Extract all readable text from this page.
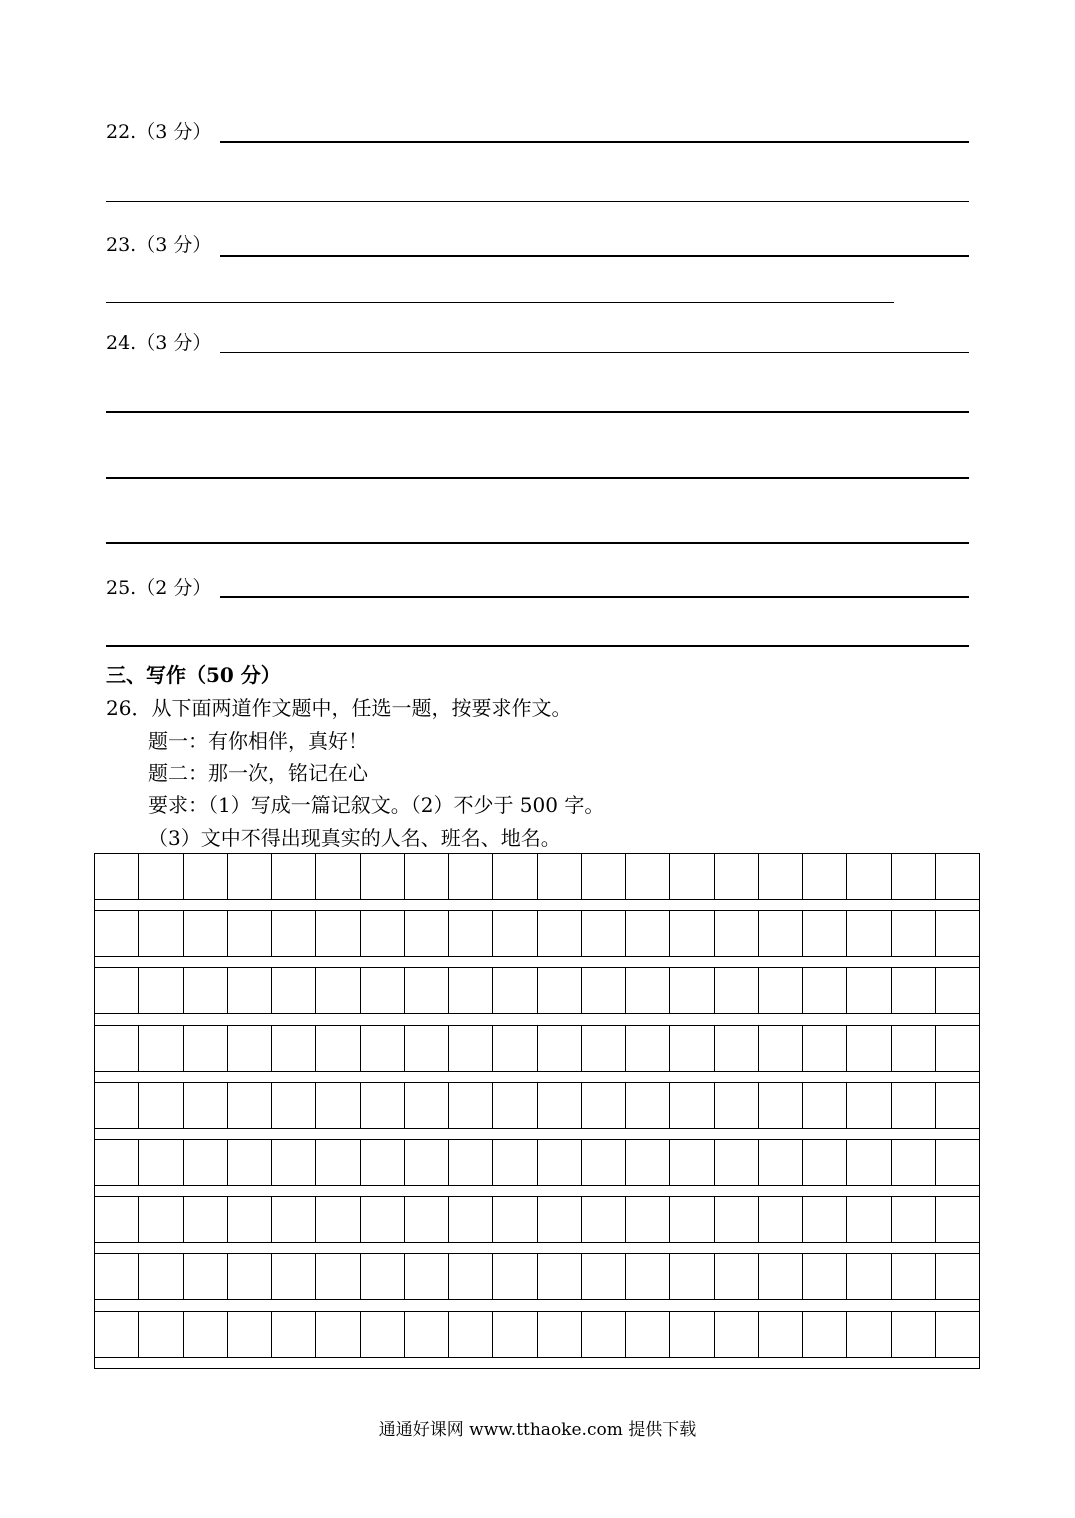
22.（3 分）
23.（3 分）
24.（3 分）
25.（2 分）
三、写作（50 分）
26．从下面两道作文题中，任选一题，按要求作文。
题一：有你相伴，真好！
题二：那一次，铭记在心
要求：（1）写成一篇记叙文。（2）不少于 500 字。
（3）文中不得出现真实的人名、班名、地名。
通通好课网 www.tthaoke.com 提供下载
